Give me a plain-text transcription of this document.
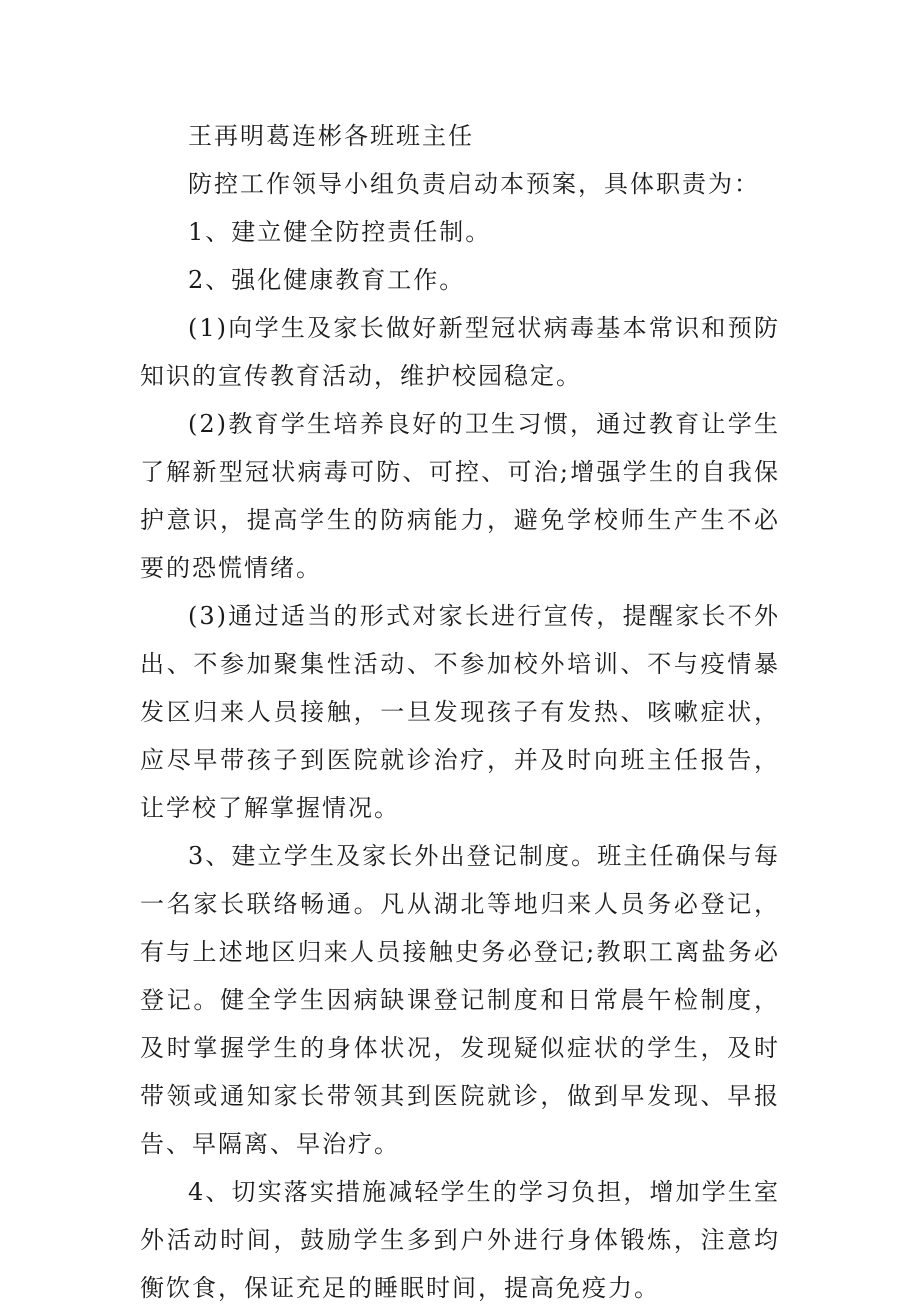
王再明葛连彬各班班主任

防控工作领导小组负责启动本预案，具体职责为：

1、建立健全防控责任制。

2、强化健康教育工作。

(1)向学生及家长做好新型冠状病毒基本常识和预防知识的宣传教育活动，维护校园稳定。

(2)教育学生培养良好的卫生习惯，通过教育让学生了解新型冠状病毒可防、可控、可治;增强学生的自我保护意识，提高学生的防病能力，避免学校师生产生不必要的恐慌情绪。

(3)通过适当的形式对家长进行宣传，提醒家长不外出、不参加聚集性活动、不参加校外培训、不与疫情暴发区归来人员接触，一旦发现孩子有发热、咳嗽症状，应尽早带孩子到医院就诊治疗，并及时向班主任报告，让学校了解掌握情况。

3、建立学生及家长外出登记制度。班主任确保与每一名家长联络畅通。凡从湖北等地归来人员务必登记，有与上述地区归来人员接触史务必登记;教职工离盐务必登记。健全学生因病缺课登记制度和日常晨午检制度，及时掌握学生的身体状况，发现疑似症状的学生，及时带领或通知家长带领其到医院就诊，做到早发现、早报告、早隔离、早治疗。

4、切实落实措施减轻学生的学习负担，增加学生室外活动时间，鼓励学生多到户外进行身体锻炼，注意均衡饮食，保证充足的睡眠时间，提高免疫力。
